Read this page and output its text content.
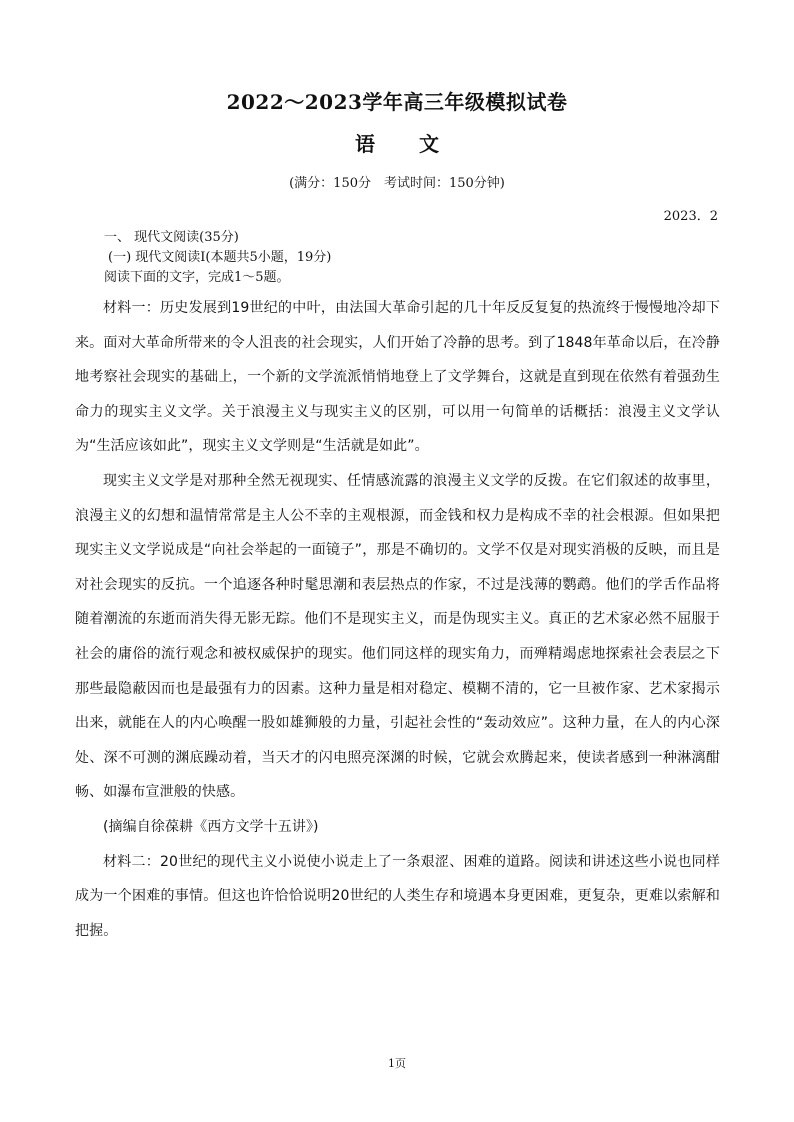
2022～2023学年高三年级模拟试卷
语文
(满分：150分　考试时间：150分钟)
2023．2
一、 现代文阅读(35分)
(一) 现代文阅读Ⅰ(本题共5小题，19分)
阅读下面的文字，完成1～5题。

材料一：历史发展到19世纪的中叶，由法国大革命引起的几十年反反复复的热流终于慢慢地冷却下来。面对大革命所带来的令人沮丧的社会现实，人们开始了冷静的思考。到了1848年革命以后，在冷静地考察社会现实的基础上，一个新的文学流派悄悄地登上了文学舞台，这就是直到现在依然有着强劲生命力的现实主义文学。关于浪漫主义与现实主义的区别，可以用一句简单的话概括：浪漫主义文学认为“生活应该如此”，现实主义文学则是“生活就是如此”。

现实主义文学是对那种全然无视现实、任情感流露的浪漫主义文学的反拨。在它们叙述的故事里，浪漫主义的幻想和温情常常是主人公不幸的主观根源，而金钱和权力是构成不幸的社会根源。但如果把现实主义文学说成是“向社会举起的一面镜子”，那是不确切的。文学不仅是对现实消极的反映，而且是对社会现实的反抗。一个追逐各种时髦思潮和表层热点的作家，不过是浅薄的鹦鹉。他们的学舌作品将随着潮流的东逝而消失得无影无踪。他们不是现实主义，而是伪现实主义。真正的艺术家必然不屈服于社会的庸俗的流行观念和被权威保护的现实。他们同这样的现实角力，而殚精竭虑地探索社会表层之下那些最隐蔽因而也是最强有力的因素。这种力量是相对稳定、模糊不清的，它一旦被作家、艺术家揭示出来，就能在人的内心唤醒一股如雄狮般的力量，引起社会性的“轰动效应”。这种力量，在人的内心深处、深不可测的渊底躁动着，当天才的闪电照亮深渊的时候，它就会欢腾起来，使读者感到一种淋漓酣畅、如瀑布宣泄般的快感。

(摘编自徐葆耕《西方文学十五讲》)

材料二：20世纪的现代主义小说使小说走上了一条艰涩、困难的道路。阅读和讲述这些小说也同样成为一个困难的事情。但这也许恰恰说明20世纪的人类生存和境遇本身更困难，更复杂，更难以索解和把握。

1页
